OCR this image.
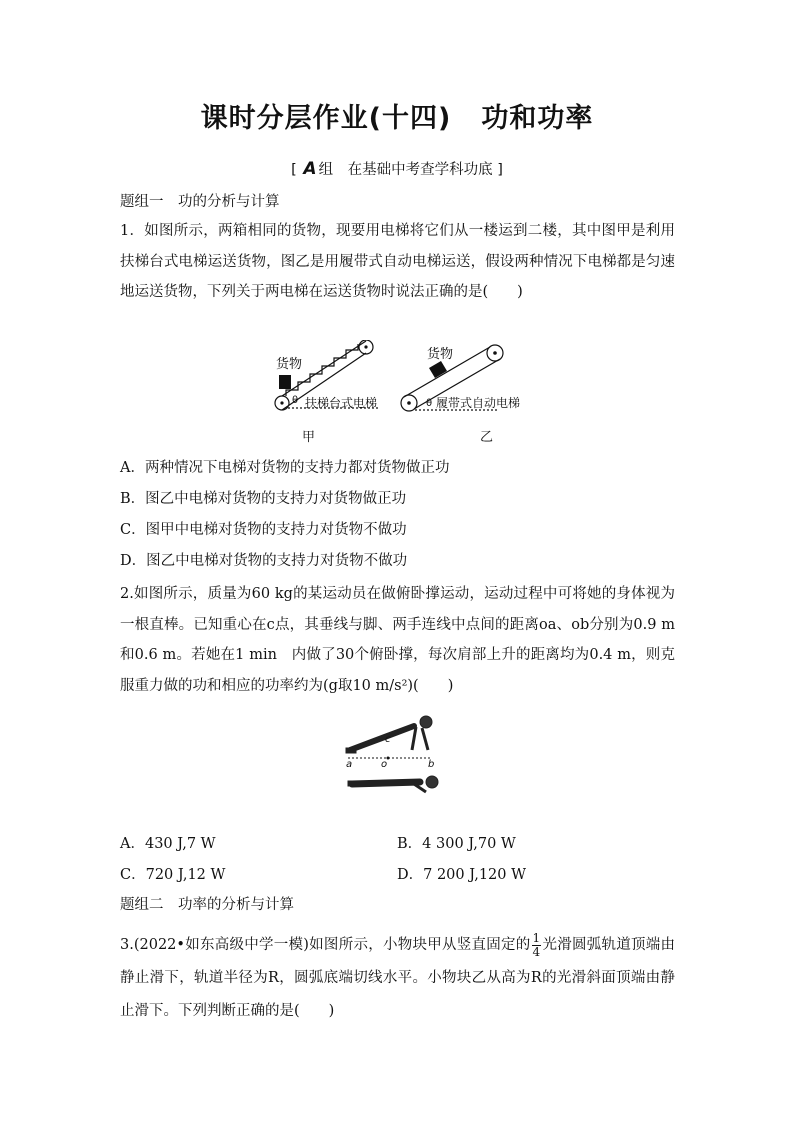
课时分层作业(十四) 功和功率
[ A 组　在基础中考查学科功底 ]
题组一　功的分析与计算
1．如图所示，两箱相同的货物，现要用电梯将它们从一楼运到二楼，其中图甲是利用扶梯台式电梯运送货物，图乙是用履带式自动电梯运送，假设两种情况下电梯都是匀速地运送货物，下列关于两电梯在运送货物时说法正确的是(　　)
货物
θ 扶梯台式电梯
甲
货物
θ 履带式自动电梯
乙
A．两种情况下电梯对货物的支持力都对货物做正功
B．图乙中电梯对货物的支持力对货物做正功
C．图甲中电梯对货物的支持力对货物不做功
D．图乙中电梯对货物的支持力对货物不做功
2.如图所示，质量为60 kg的某运动员在做俯卧撑运动，运动过程中可将她的身体视为一根直棒。已知重心在c点，其垂线与脚、两手连线中点间的距离oa、ob分别为0.9 m　和0.6 m。若她在1 min　内做了30个俯卧撑，每次肩部上升的距离均为0.4 m，则克服重力做的功和相应的功率约为(g取10 m/s²)(　　)
a
c
o	b
A．430 J,7 W	B．4 300 J,70 W
C．720 J,12 W	D．7 200 J,120 W
题组二　功率的分析与计算
3.(2022•如东高级中学一模)如图所示，小物块甲从竖直固定的 $\frac{1}{4}$ 光滑圆弧轨道顶端由静止滑下，轨道半径为R，圆弧底端切线水平。小物块乙从高为R的光滑斜面顶端由静止滑下。下列判断正确的是(　　)
